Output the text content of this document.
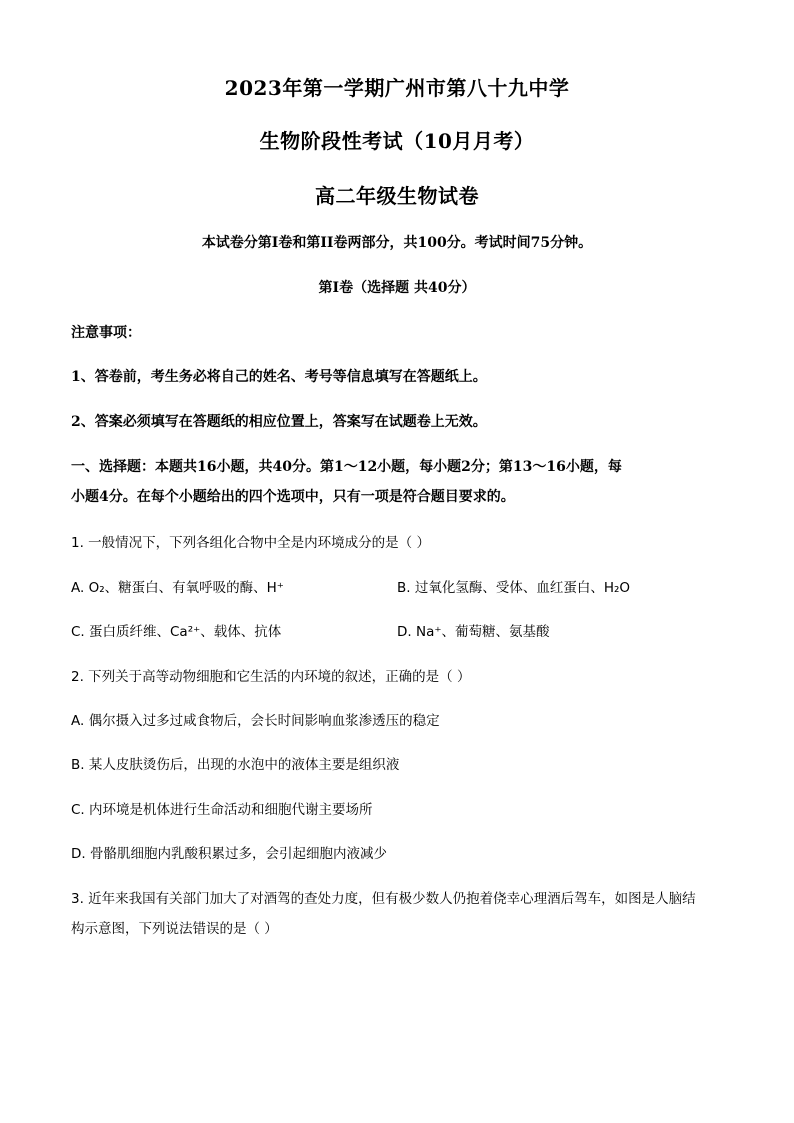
2023年第一学期广州市第八十九中学
生物阶段性考试（10月月考）
高二年级生物试卷
本试卷分第I卷和第II卷两部分，共100分。考试时间75分钟。
第I卷（选择题 共40分）
注意事项：
1、答卷前，考生务必将自己的姓名、考号等信息填写在答题纸上。
2、答案必须填写在答题纸的相应位置上，答案写在试题卷上无效。
一、选择题：本题共16小题，共40分。第1～12小题，每小题2分；第13～16小题，每
小题4分。在每个小题给出的四个选项中，只有一项是符合题目要求的。
1. 一般情况下，下列各组化合物中全是内环境成分的是（ ）
A. O₂、糖蛋白、有氧呼吸的酶、H⁺	B. 过氧化氢酶、受体、血红蛋白、H₂O
C. 蛋白质纤维、Ca²⁺、载体、抗体	D. Na⁺、葡萄糖、氨基酸
2. 下列关于高等动物细胞和它生活的内环境的叙述，正确的是（ ）
A. 偶尔摄入过多过咸食物后，会长时间影响血浆渗透压的稳定
B. 某人皮肤烫伤后，出现的水泡中的液体主要是组织液
C. 内环境是机体进行生命活动和细胞代谢主要场所
D. 骨骼肌细胞内乳酸积累过多，会引起细胞内液减少
3. 近年来我国有关部门加大了对酒驾的查处力度，但有极少数人仍抱着侥幸心理酒后驾车，如图是人脑结
构示意图，下列说法错误的是（ ）
